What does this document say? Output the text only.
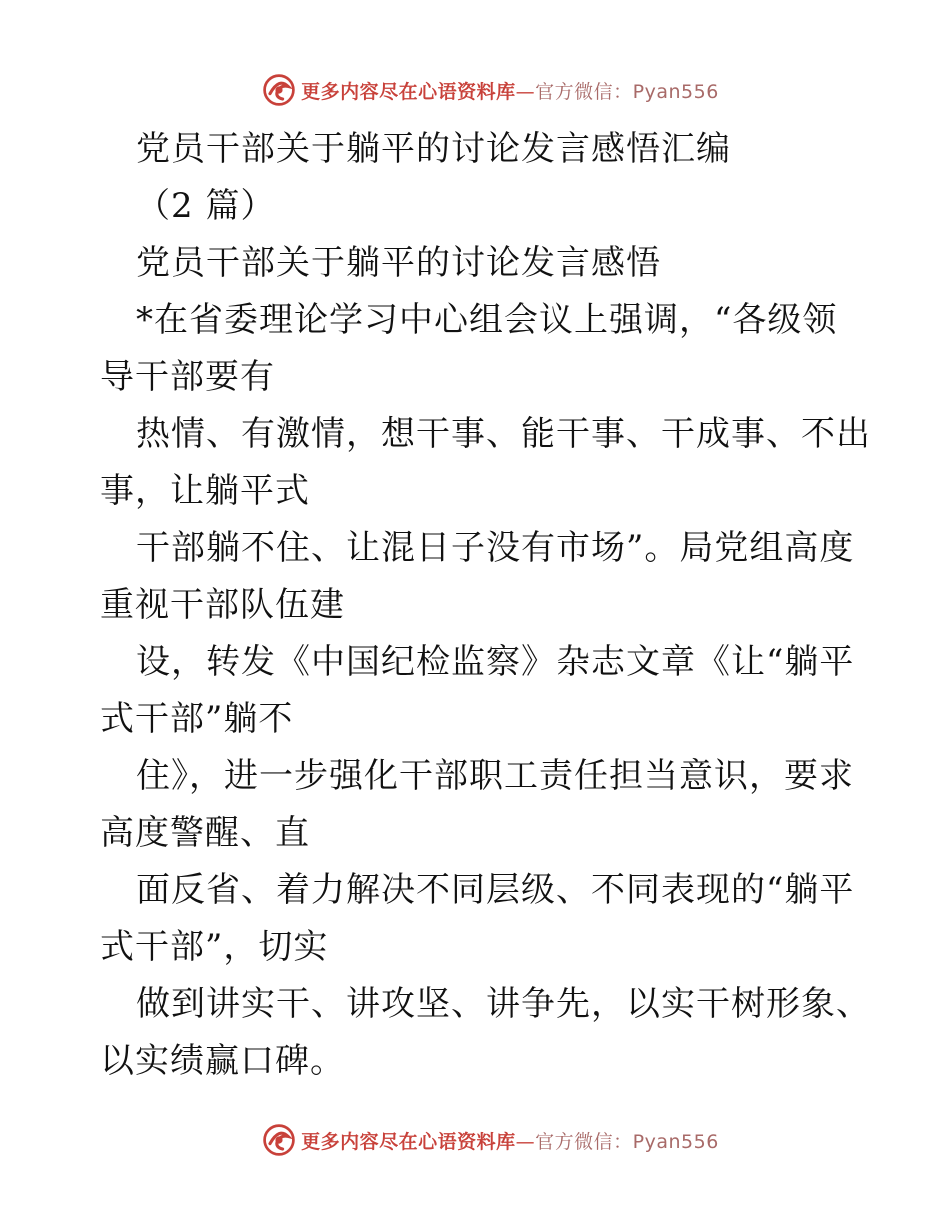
更多内容尽在心语资料库—官方微信：Pyan556
党员干部关于躺平的讨论发言感悟汇编
（2 篇）
党员干部关于躺平的讨论发言感悟
*在省委理论学习中心组会议上强调，“各级领
导干部要有
热情、有激情，想干事、能干事、干成事、不出
事，让躺平式
干部躺不住、让混日子没有市场”。局党组高度
重视干部队伍建
设，转发《中国纪检监察》杂志文章《让“躺平
式干部”躺不
住》，进一步强化干部职工责任担当意识，要求
高度警醒、直
面反省、着力解决不同层级、不同表现的“躺平
式干部”，切实
做到讲实干、讲攻坚、讲争先，以实干树形象、
以实绩赢口碑。
更多内容尽在心语资料库—官方微信：Pyan556
